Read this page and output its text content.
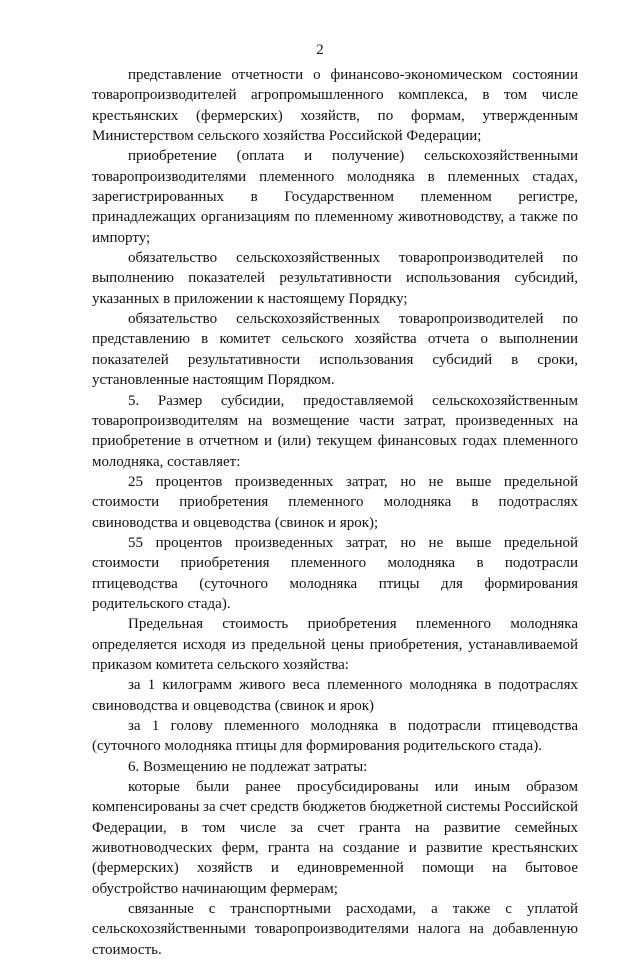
2

представление отчетности о финансово-экономическом состоянии товаропроизводителей агропромышленного комплекса, в том числе крестьянских (фермерских) хозяйств, по формам, утвержденным Министерством сельского хозяйства Российской Федерации;

приобретение (оплата и получение) сельскохозяйственными товаропроизводителями племенного молодняка в племенных стадах, зарегистрированных в Государственном племенном регистре, принадлежащих организациям по племенному животноводству, а также по импорту;

обязательство сельскохозяйственных товаропроизводителей по выполнению показателей результативности использования субсидий, указанных в приложении к настоящему Порядку;

обязательство сельскохозяйственных товаропроизводителей по представлению в комитет сельского хозяйства отчета о выполнении показателей результативности использования субсидий в сроки, установленные настоящим Порядком.

5. Размер субсидии, предоставляемой сельскохозяйственным товаропроизводителям на возмещение части затрат, произведенных на приобретение в отчетном и (или) текущем финансовых годах племенного молодняка, составляет:

25 процентов произведенных затрат, но не выше предельной стоимости приобретения племенного молодняка в подотраслях свиноводства и овцеводства (свинок и ярок);

55 процентов произведенных затрат, но не выше предельной стоимости приобретения племенного молодняка в подотрасли птицеводства (суточного молодняка птицы для формирования родительского стада).

Предельная стоимость приобретения племенного молодняка определяется исходя из предельной цены приобретения, устанавливаемой приказом комитета сельского хозяйства:

за 1 килограмм живого веса племенного молодняка в подотраслях свиноводства и овцеводства (свинок и ярок)

за 1 голову племенного молодняка в подотрасли птицеводства (суточного молодняка птицы для формирования родительского стада).

6. Возмещению не подлежат затраты:

которые были ранее просубсидированы или иным образом компенсированы за счет средств бюджетов бюджетной системы Российской Федерации, в том числе за счет гранта на развитие семейных животноводческих ферм, гранта на создание и развитие крестьянских (фермерских) хозяйств и единовременной помощи на бытовое обустройство начинающим фермерам;

связанные с транспортными расходами, а также с уплатой сельскохозяйственными товаропроизводителями налога на добавленную стоимость.
